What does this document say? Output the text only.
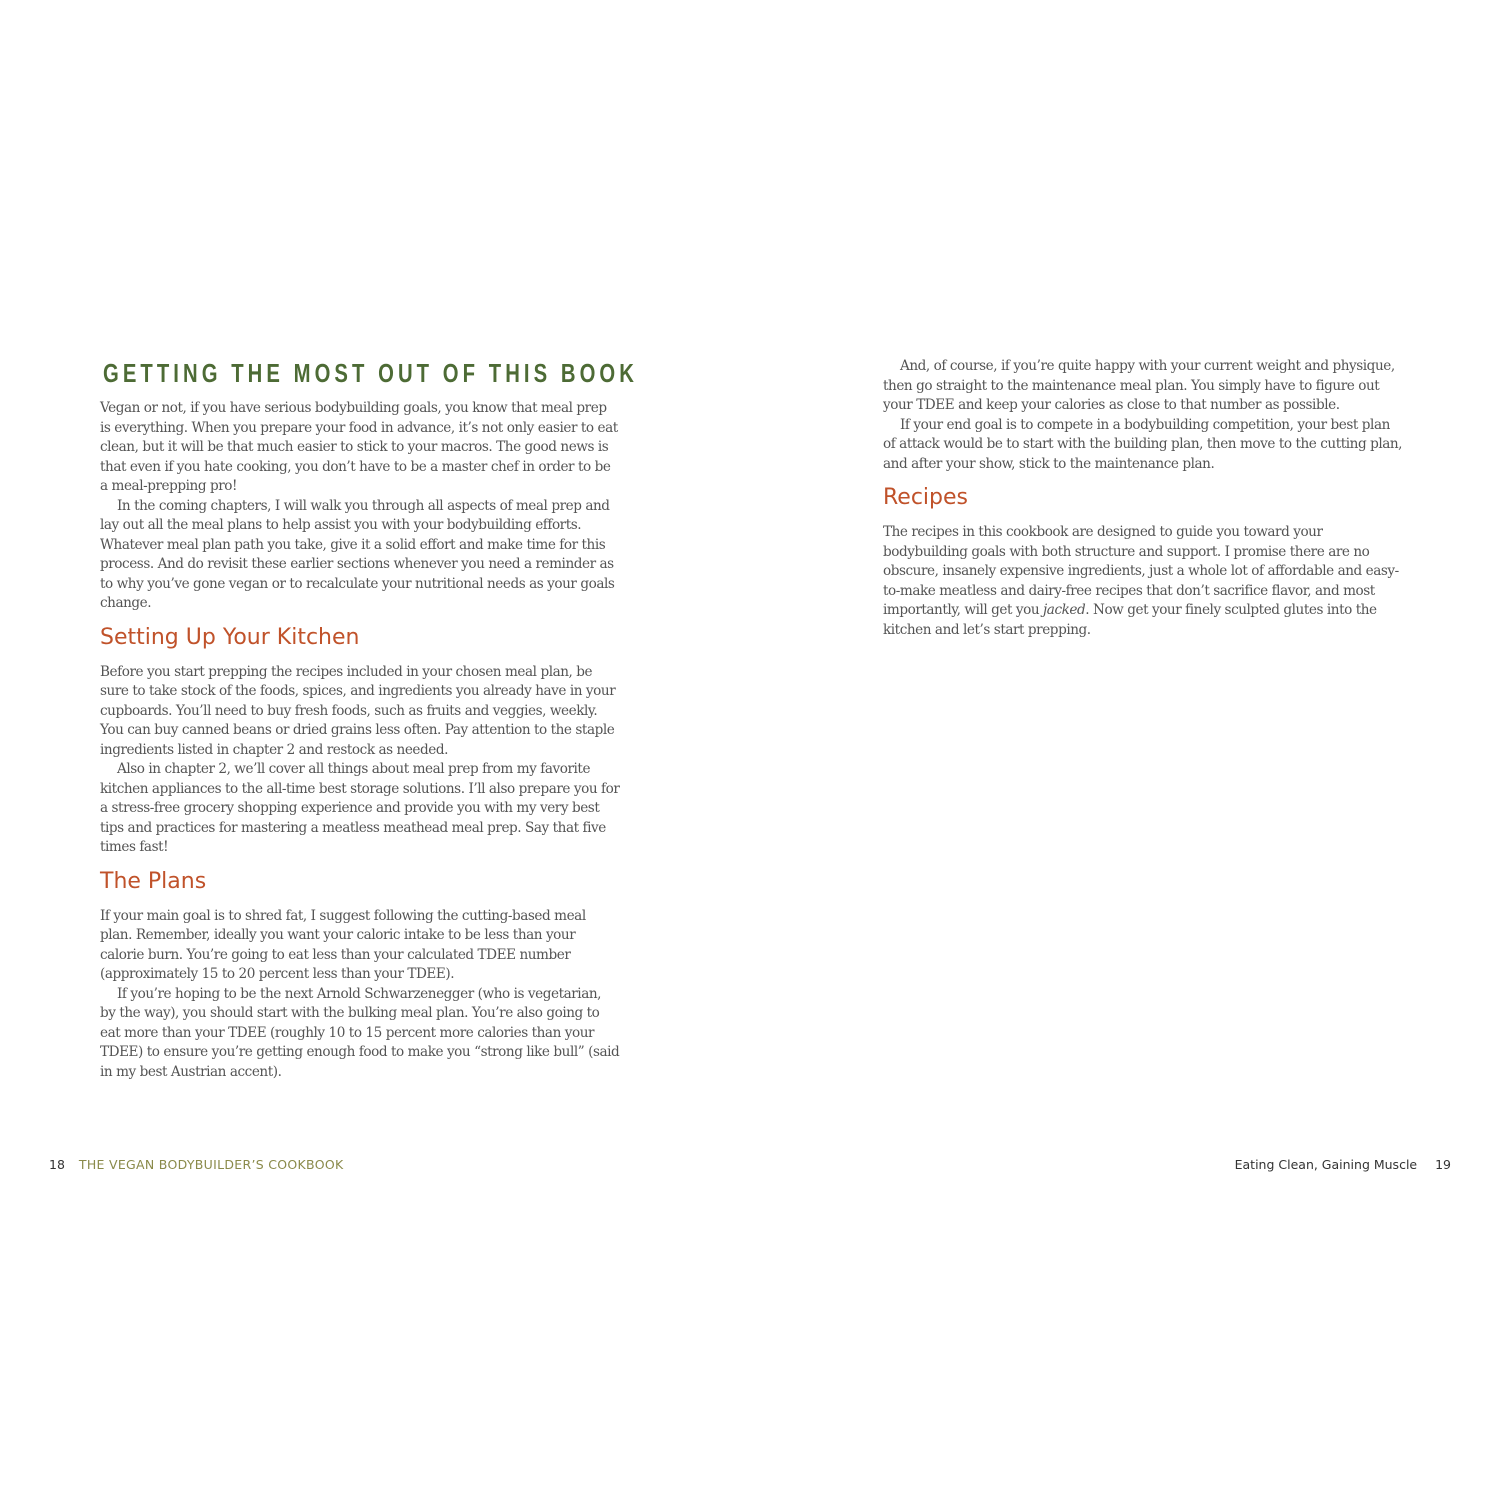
GETTING THE MOST OUT OF THIS BOOK

Vegan or not, if you have serious bodybuilding goals, you know that meal prep is everything. When you prepare your food in advance, it’s not only easier to eat clean, but it will be that much easier to stick to your macros. The good news is that even if you hate cooking, you don’t have to be a master chef in order to be a meal-prepping pro!

In the coming chapters, I will walk you through all aspects of meal prep and lay out all the meal plans to help assist you with your bodybuilding efforts. Whatever meal plan path you take, give it a solid effort and make time for this process. And do revisit these earlier sections whenever you need a reminder as to why you’ve gone vegan or to recalculate your nutritional needs as your goals change.

Setting Up Your Kitchen

Before you start prepping the recipes included in your chosen meal plan, be sure to take stock of the foods, spices, and ingredients you already have in your cupboards. You’ll need to buy fresh foods, such as fruits and veggies, weekly. You can buy canned beans or dried grains less often. Pay attention to the staple ingredients listed in chapter 2 and restock as needed.

Also in chapter 2, we’ll cover all things about meal prep from my favorite kitchen appliances to the all-time best storage solutions. I’ll also prepare you for a stress-free grocery shopping experience and provide you with my very best tips and practices for mastering a meatless meathead meal prep. Say that five times fast!

The Plans

If your main goal is to shred fat, I suggest following the cutting-based meal plan. Remember, ideally you want your caloric intake to be less than your calorie burn. You’re going to eat less than your calculated TDEE number (approximately 15 to 20 percent less than your TDEE).

If you’re hoping to be the next Arnold Schwarzenegger (who is vegetarian, by the way), you should start with the bulking meal plan. You’re also going to eat more than your TDEE (roughly 10 to 15 percent more calories than your TDEE) to ensure you’re getting enough food to make you “strong like bull” (said in my best Austrian accent).

And, of course, if you’re quite happy with your current weight and physique, then go straight to the maintenance meal plan. You simply have to figure out your TDEE and keep your calories as close to that number as possible.

If your end goal is to compete in a bodybuilding competition, your best plan of attack would be to start with the building plan, then move to the cutting plan, and after your show, stick to the maintenance plan.

Recipes

The recipes in this cookbook are designed to guide you toward your bodybuilding goals with both structure and support. I promise there are no obscure, insanely expensive ingredients, just a whole lot of affordable and easy-to-make meatless and dairy-free recipes that don’t sacrifice flavor, and most importantly, will get you jacked. Now get your finely sculpted glutes into the kitchen and let’s start prepping.

18 THE VEGAN BODYBUILDER’S COOKBOOK	Eating Clean, Gaining Muscle 19
